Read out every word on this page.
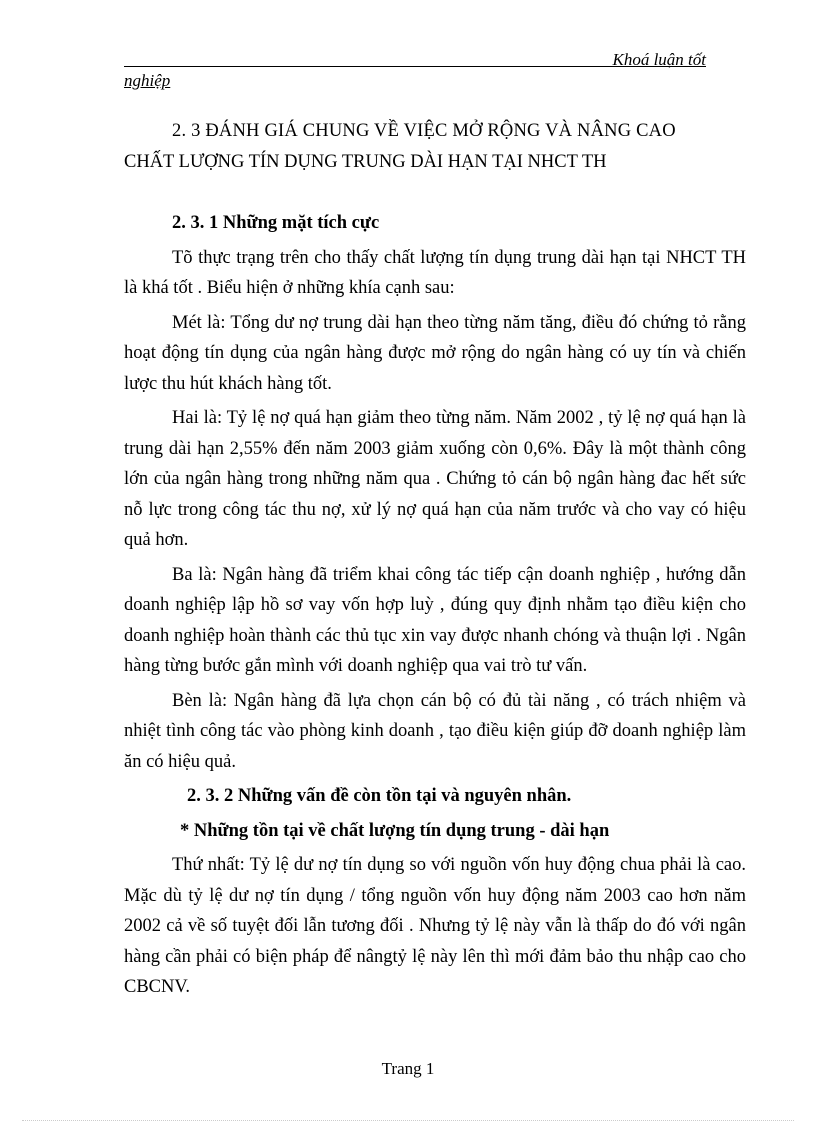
Khoá luận tốt
nghiệp

2. 3 ĐÁNH GIÁ CHUNG VỀ VIỆC MỞ RỘNG VÀ NÂNG CAO

CHẤT LƯỢNG TÍN DỤNG TRUNG DÀI HẠN TẠI NHCT TH

2. 3. 1 Những mặt tích cực

Tõ thực trạng trên cho thấy chất lượng tín dụng trung dài hạn tại NHCT TH là khá tốt . Biểu hiện ở những khía cạnh sau:

Mét là: Tổng dư nợ trung dài hạn theo từng năm tăng, điều đó chứng tỏ rằng hoạt động tín dụng của ngân hàng được mở rộng do ngân hàng có uy tín và chiến lược thu hút khách hàng tốt.

Hai là: Tỷ lệ nợ quá hạn giảm theo từng năm. Năm 2002 , tỷ lệ nợ quá hạn là trung dài hạn 2,55% đến năm 2003 giảm xuống còn 0,6%. Đây là một thành công lớn của ngân hàng trong những năm qua . Chứng tỏ cán bộ ngân hàng đac hết sức nỗ lực trong công tác thu nợ, xử lý nợ quá hạn của năm trước và cho vay có hiệu quả hơn.

Ba là: Ngân hàng đã triểm khai công tác tiếp cận doanh nghiệp , hướng dẫn doanh nghiệp lập hồ sơ vay vốn hợp luỳ , đúng quy định nhằm tạo điều kiện cho doanh nghiệp hoàn thành các thủ tục xin vay được nhanh chóng và thuận lợi . Ngân hàng từng bước gắn mình với doanh nghiệp qua vai trò tư vấn.

Bèn là: Ngân hàng đã lựa chọn cán bộ có đủ tài năng , có trách nhiệm và nhiệt tình công tác vào phòng kinh doanh , tạo điều kiện giúp đỡ doanh nghiệp làm ăn có hiệu quả.

2. 3. 2 Những vấn đề còn tồn tại và nguyên nhân.

* Những tồn tại về chất lượng tín dụng trung - dài hạn

Thứ nhất: Tỷ lệ dư nợ tín dụng so với nguồn vốn huy động chua phải là cao. Mặc dù tỷ lệ dư nợ tín dụng / tổng nguồn vốn huy động năm 2003 cao hơn năm 2002 cả về số tuyệt đối lẫn tương đối . Nhưng tỷ lệ này vẫn là thấp do đó với ngân hàng cần phải có biện pháp để nângtỷ lệ này lên thì mới đảm bảo thu nhập cao cho CBCNV.

Trang 1
